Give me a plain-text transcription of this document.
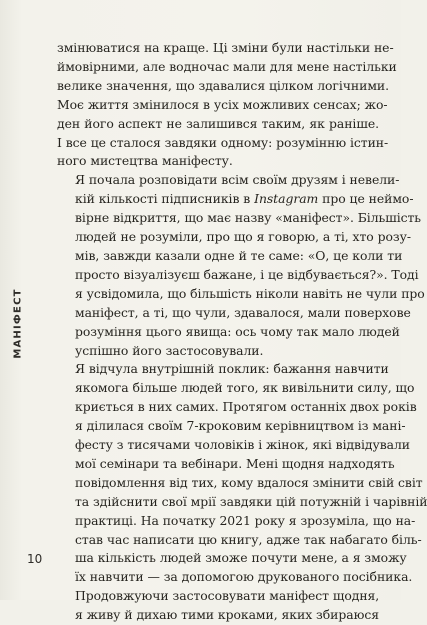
МАНІФЕСТ

змінюватися на краще. Ці зміни були настільки не-
ймовірними, але водночас мали для мене настільки
велике значення, що здавалися цілком логічними.
Моє життя змінилося в усіх можливих сенсах; жо-
ден його аспект не залишився таким, як раніше.
І все це сталося завдяки одному: розумінню істин-
ного мистецтва маніфесту.

Я почала розповідати всім своїм друзям і невели-
кій кількості підписників в Instagram про це неймо-
вірне відкриття, що має назву «маніфест». Більшість
людей не розуміли, про що я говорю, а ті, хто розу-
мів, завжди казали одне й те саме: «О, це коли ти
просто візуалізуєш бажане, і це відбувається?». Тоді
я усвідомила, що більшість ніколи навіть не чули про
маніфест, а ті, що чули, здавалося, мали поверхове
розуміння цього явища: ось чому так мало людей
успішно його застосовували.

Я відчула внутрішній поклик: бажання навчити
якомога більше людей того, як вивільнити силу, що
криється в них самих. Протягом останніх двох років
я ділилася своїм 7-кроковим керівництвом із мані-
фесту з тисячами чоловіків і жінок, які відвідували
мої семінари та вебінари. Мені щодня надходять
повідомлення від тих, кому вдалося змінити свій світ
та здійснити свої мрії завдяки цій потужній і чарівній
практиці. На початку 2021 року я зрозуміла, що на-
став час написати цю книгу, адже так набагато біль-
ша кількість людей зможе почути мене, а я зможу
їх навчити — за допомогою друкованого посібника.

Продовжуючи застосовувати маніфест щодня,
я живу й дихаю тими кроками, яких збираюся

10
